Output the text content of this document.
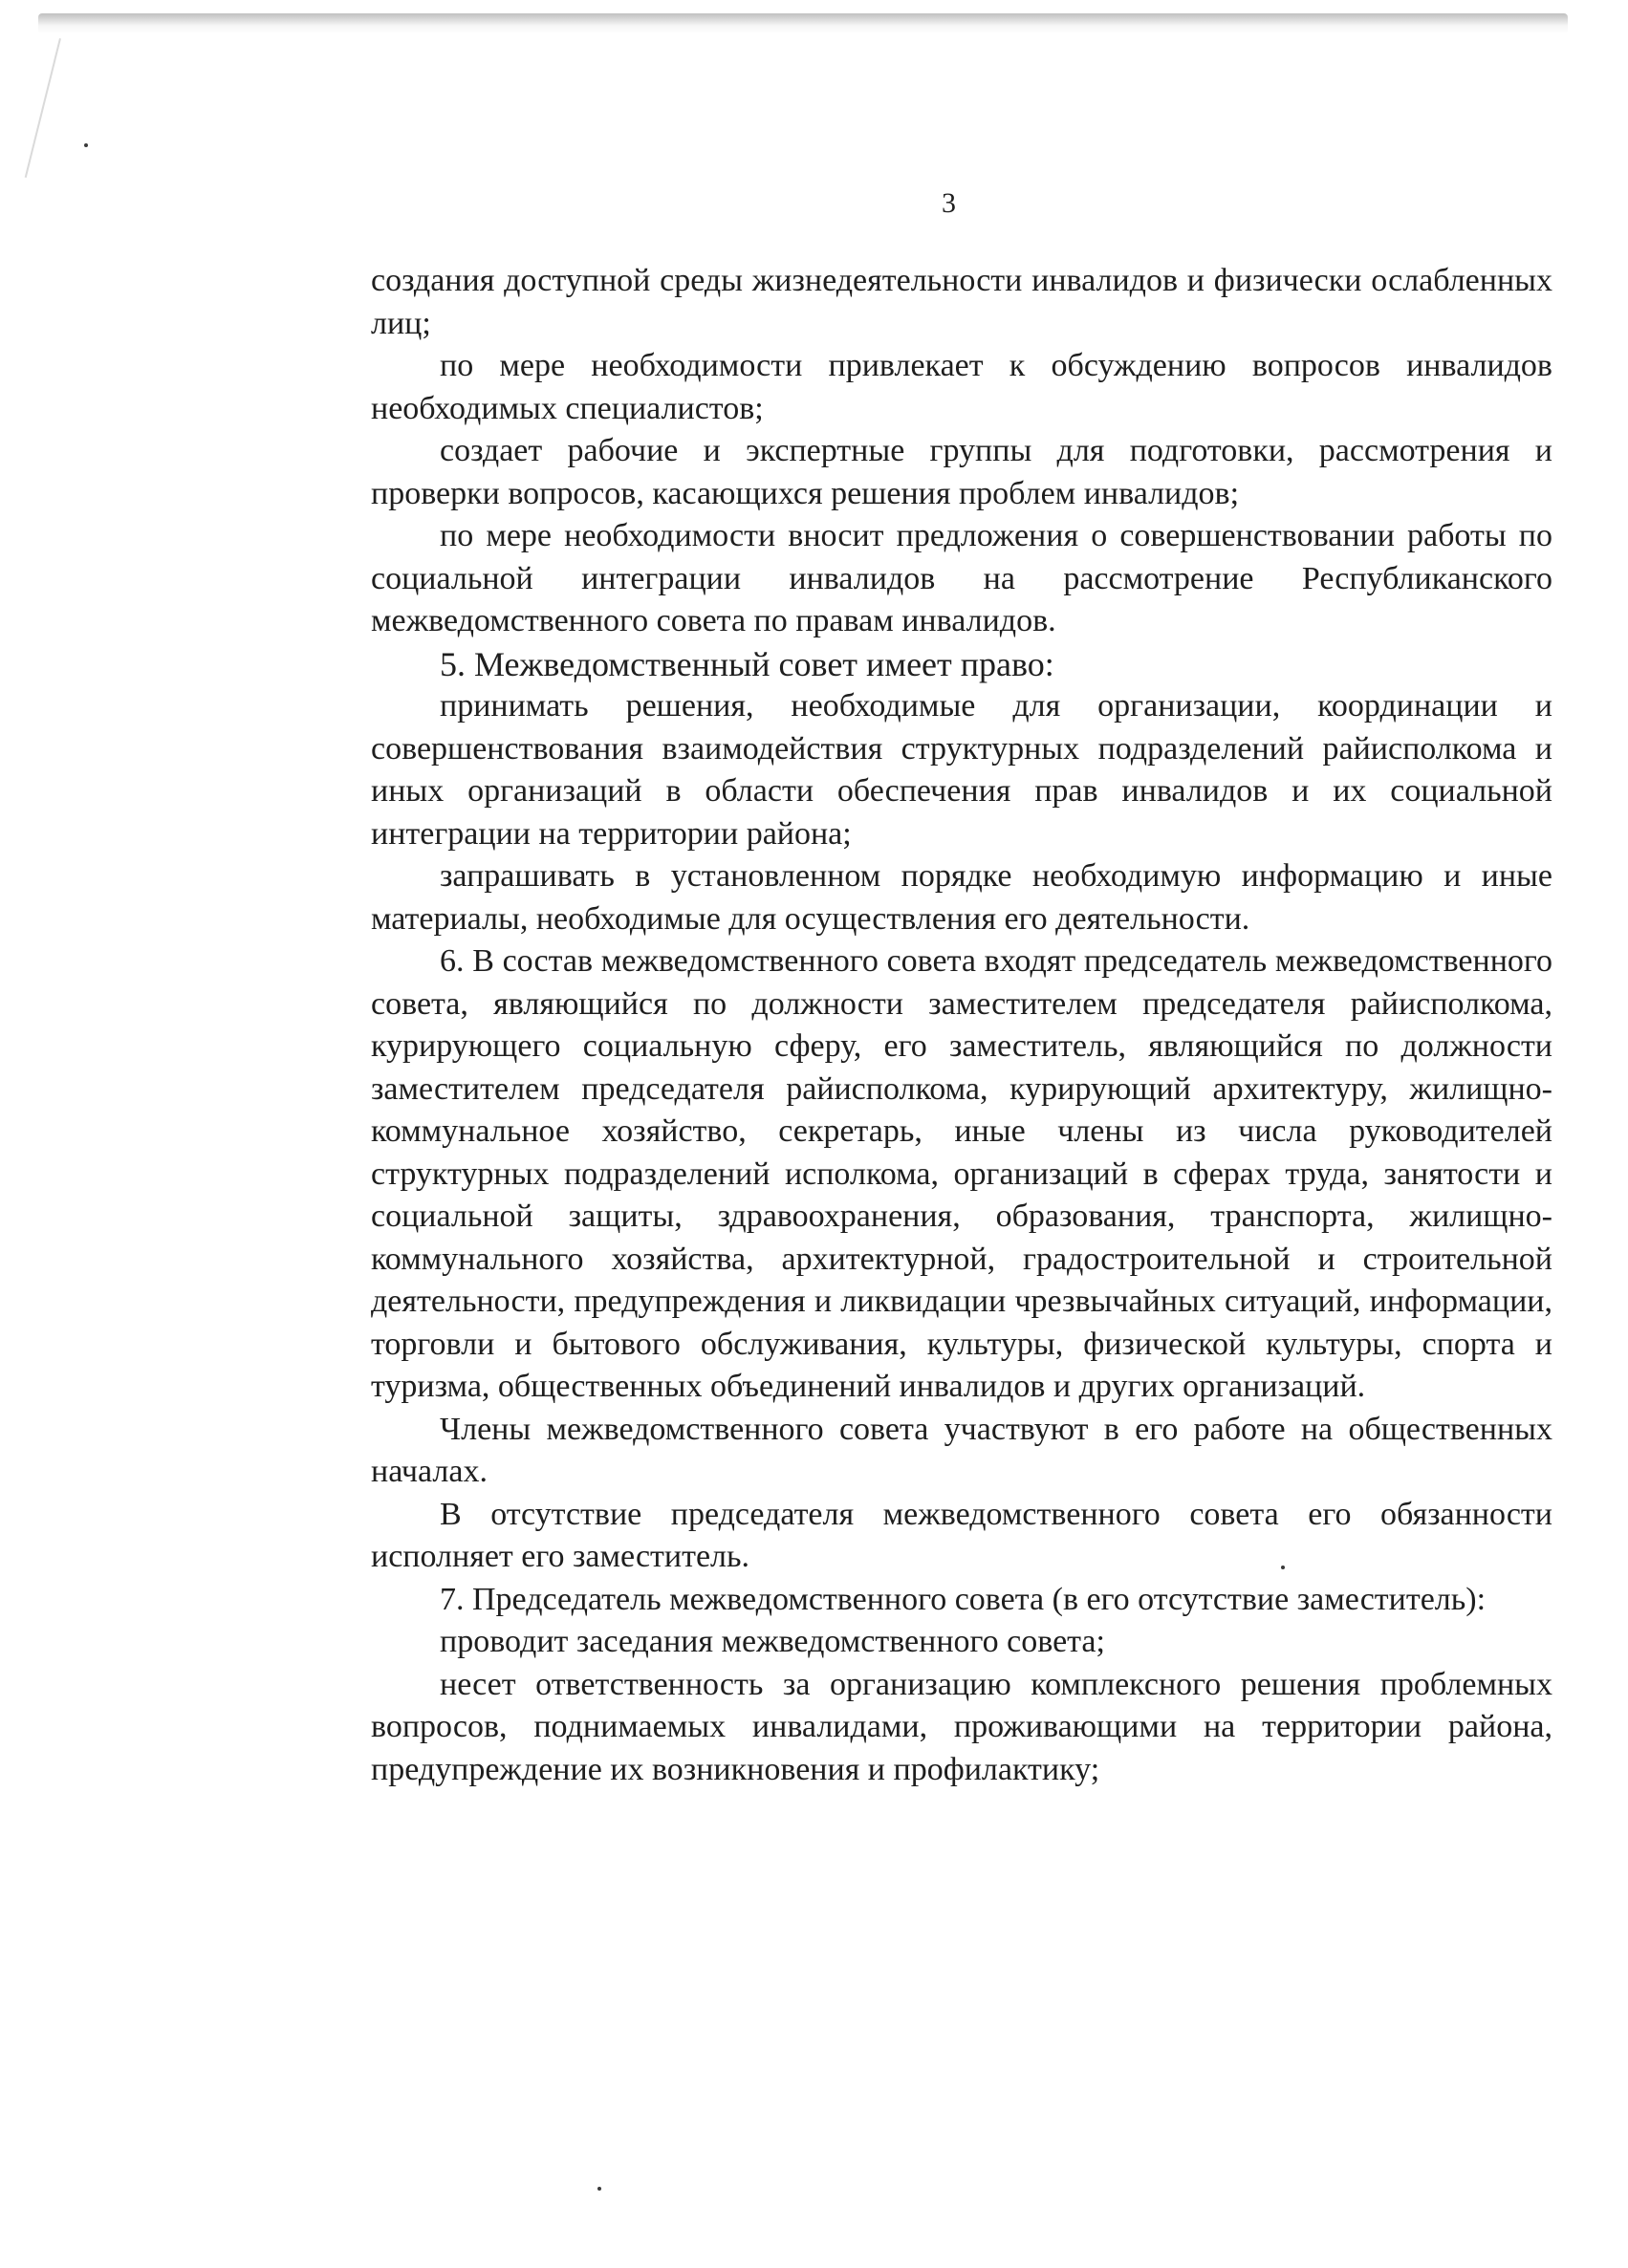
3

создания доступной среды жизнедеятельности инвалидов и физически ослабленных лиц;

по мере необходимости привлекает к обсуждению вопросов инвалидов необходимых специалистов;

создает рабочие и экспертные группы для подготовки, рассмотрения и проверки вопросов, касающихся решения проблем инвалидов;

по мере необходимости вносит предложения о совершенствовании работы по социальной интеграции инвалидов на рассмотрение Республиканского межведомственного совета по правам инвалидов.

5. Межведомственный совет имеет право:

принимать решения, необходимые для организации, координации и совершенствования взаимодействия структурных подразделений райисполкома и иных организаций в области обеспечения прав инвалидов и их социальной интеграции на территории района;

запрашивать в установленном порядке необходимую информацию и иные материалы, необходимые для осуществления его деятельности.

6. В состав межведомственного совета входят председатель межведомственного совета, являющийся по должности заместителем председателя райисполкома, курирующего социальную сферу, его заместитель, являющийся по должности заместителем председателя райисполкома, курирующий архитектуру, жилищно-коммунальное хозяйство, секретарь, иные члены из числа руководителей структурных подразделений исполкома, организаций в сферах труда, занятости и социальной защиты, здравоохранения, образования, транспорта, жилищно-коммунального хозяйства, архитектурной, градостроительной и строительной деятельности, предупреждения и ликвидации чрезвычайных ситуаций, информации, торговли и бытового обслуживания, культуры, физической культуры, спорта и туризма, общественных объединений инвалидов и других организаций.

Члены межведомственного совета участвуют в его работе на общественных началах.

В отсутствие председателя межведомственного совета его обязанности исполняет его заместитель.

7. Председатель межведомственного совета (в его отсутствие заместитель):

проводит заседания межведомственного совета;

несет ответственность за организацию комплексного решения проблемных вопросов, поднимаемых инвалидами, проживающими на территории района, предупреждение их возникновения и профилактику;
